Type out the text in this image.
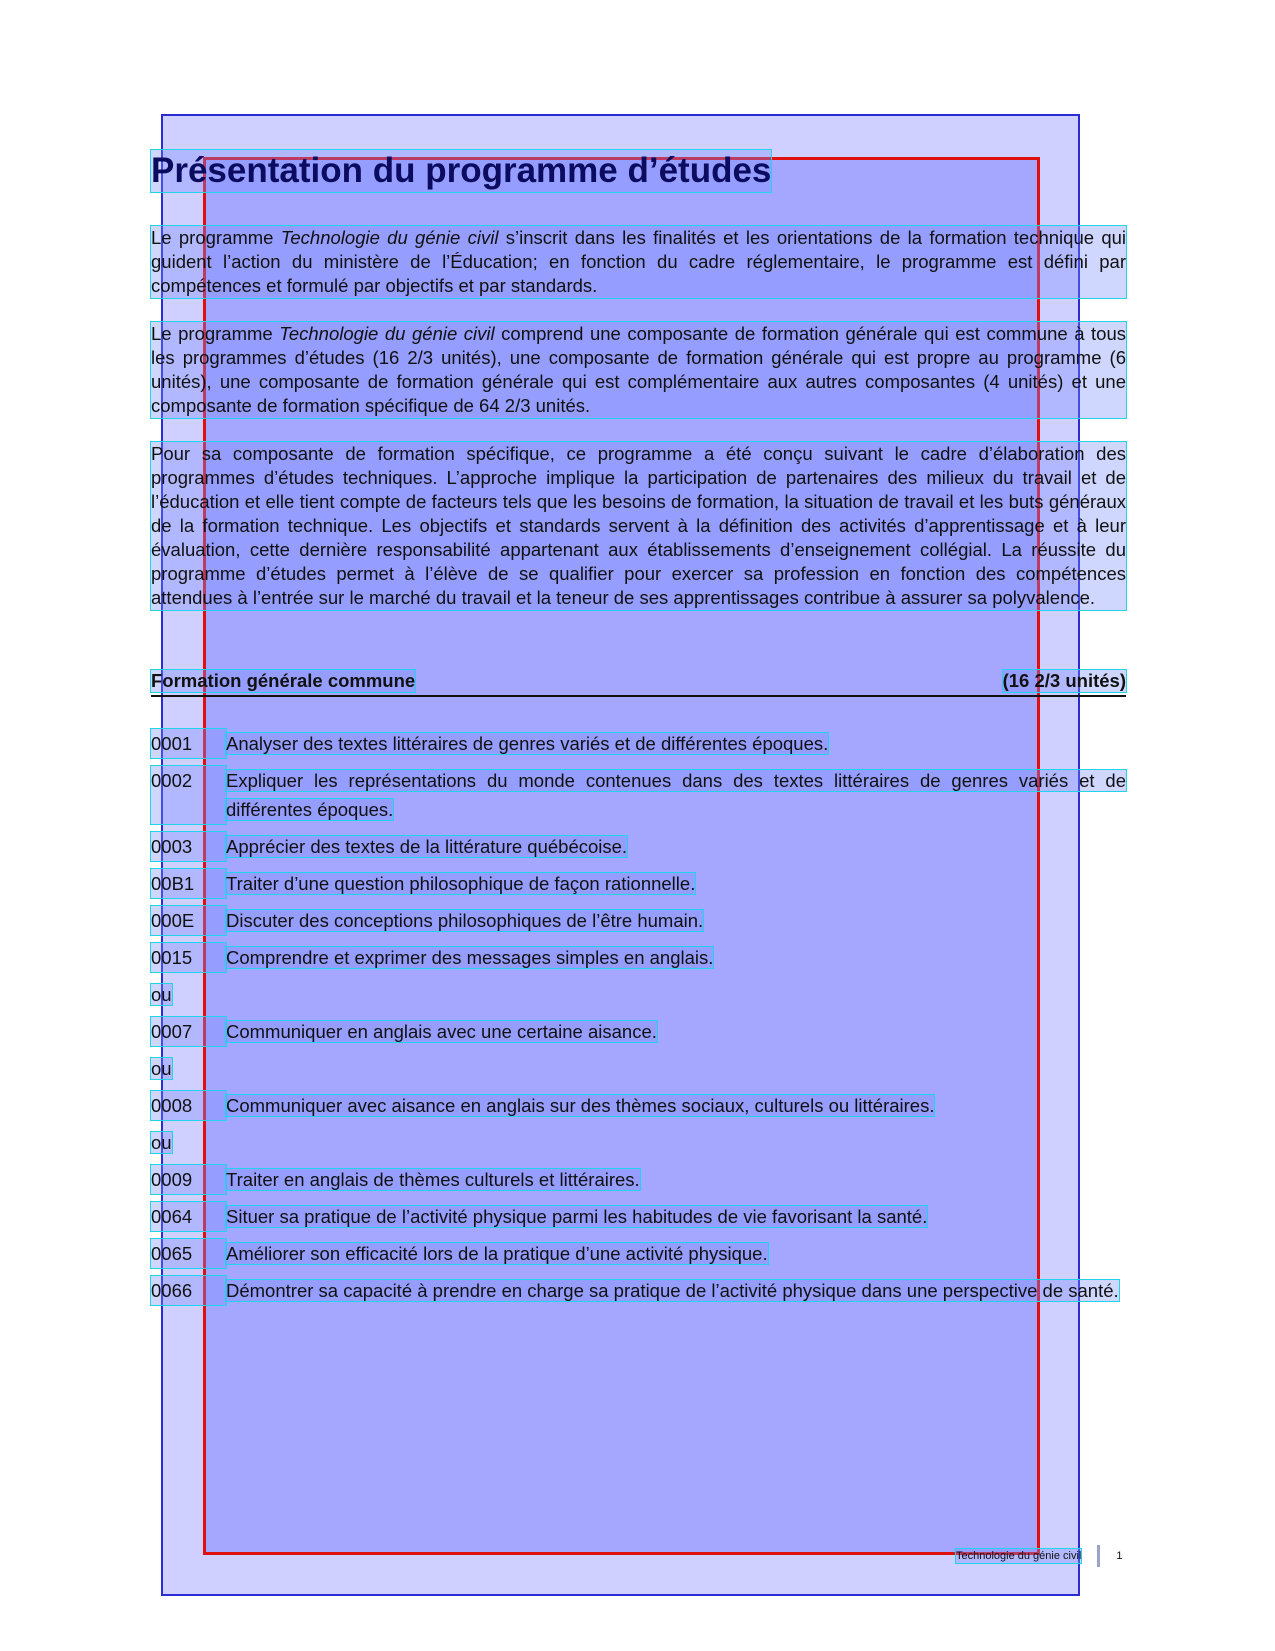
Présentation du programme d’études

Le programme Technologie du génie civil s’inscrit dans les finalités et les orientations de la formation technique qui guident l’action du ministère de l’Éducation; en fonction du cadre réglementaire, le programme est défini par compétences et formulé par objectifs et par standards.

Le programme Technologie du génie civil comprend une composante de formation générale qui est commune à tous les programmes d’études (16 2/3 unités), une composante de formation générale qui est propre au programme (6 unités), une composante de formation générale qui est complémentaire aux autres composantes (4 unités) et une composante de formation spécifique de 64 2/3 unités.

Pour sa composante de formation spécifique, ce programme a été conçu suivant le cadre d’élaboration des programmes d’études techniques. L’approche implique la participation de partenaires des milieux du travail et de l’éducation et elle tient compte de facteurs tels que les besoins de formation, la situation de travail et les buts généraux de la formation technique. Les objectifs et standards servent à la définition des activités d’apprentissage et à leur évaluation, cette dernière responsabilité appartenant aux établissements d’enseignement collégial. La réussite du programme d’études permet à l’élève de se qualifier pour exercer sa profession en fonction des compétences attendues à l’entrée sur le marché du travail et la teneur de ses apprentissages contribue à assurer sa polyvalence.

Formation générale commune	(16 2/3 unités)
0001	Analyser des textes littéraires de genres variés et de différentes époques.
0002	Expliquer les représentations du monde contenues dans des textes littéraires de genres variés et de différentes époques.
0003	Apprécier des textes de la littérature québécoise.
00B1	Traiter d’une question philosophique de façon rationnelle.
000E	Discuter des conceptions philosophiques de l’être humain.
0015	Comprendre et exprimer des messages simples en anglais.
ou
0007	Communiquer en anglais avec une certaine aisance.
ou
0008	Communiquer avec aisance en anglais sur des thèmes sociaux, culturels ou littéraires.
ou
0009	Traiter en anglais de thèmes culturels et littéraires.
0064	Situer sa pratique de l’activité physique parmi les habitudes de vie favorisant la santé.
0065	Améliorer son efficacité lors de la pratique d’une activité physique.
0066	Démontrer sa capacité à prendre en charge sa pratique de l’activité physique dans une perspective de santé.
Technologie du génie civil	1
